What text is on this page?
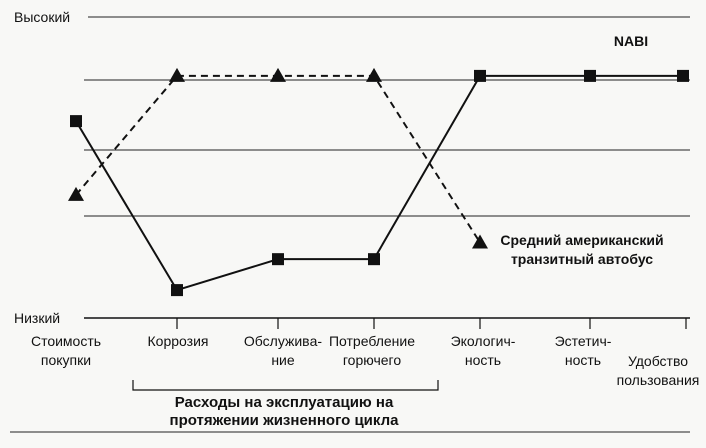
Высокий
Низкий
Стоимость покупки
Коррозия	Обслуживa-ние
Потребление горючего
Экологич-ность
Эстетич-ность	Удобство пользования
Расходы на эксплуатацию на протяжении жизненного цикла
NABI
Средний американский транзитный автобус
